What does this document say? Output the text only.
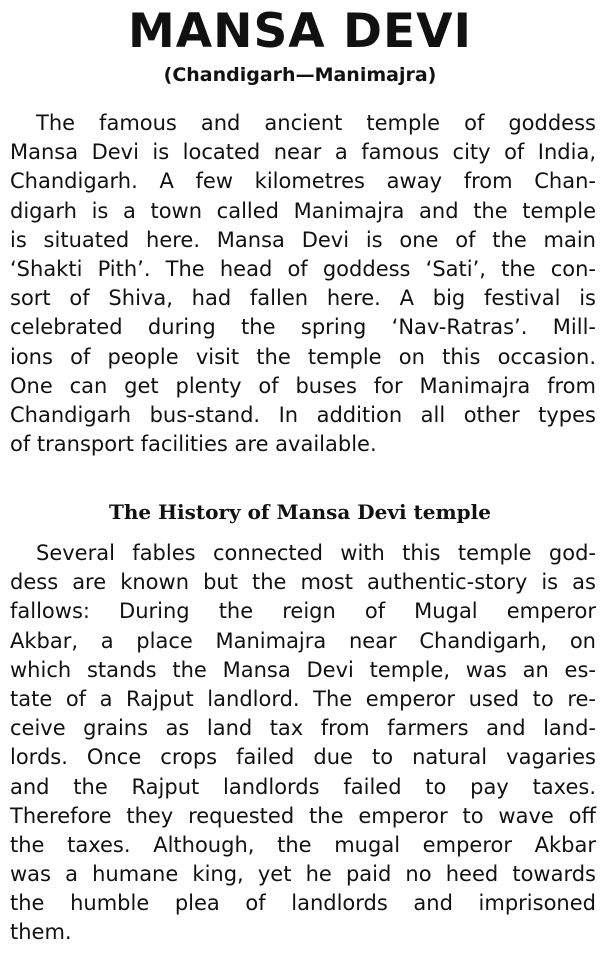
MANSA DEVI
(Chandigarh—Manimajra)
The famous and ancient temple of goddess
Mansa Devi is located near a famous city of India,
Chandigarh. A few kilometres away from Chan-
digarh is a town called Manimajra and the temple
is situated here. Mansa Devi is one of the main
‘Shakti Pith’. The head of goddess ‘Sati’, the con-
sort of Shiva, had fallen here. A big festival is
celebrated during the spring ‘Nav-Ratras’. Mill-
ions of people visit the temple on this occasion.
One can get plenty of buses for Manimajra from
Chandigarh bus-stand. In addition all other types
of transport facilities are available.
The History of Mansa Devi temple
Several fables connected with this temple god-
dess are known but the most authentic-story is as
fallows: During the reign of Mugal emperor
Akbar, a place Manimajra near Chandigarh, on
which stands the Mansa Devi temple, was an es-
tate of a Rajput landlord. The emperor used to re-
ceive grains as land tax from farmers and land-
lords. Once crops failed due to natural vagaries
and the Rajput landlords failed to pay taxes.
Therefore they requested the emperor to wave off
the taxes. Although, the mugal emperor Akbar
was a humane king, yet he paid no heed towards
the humble plea of landlords and imprisoned
them.
